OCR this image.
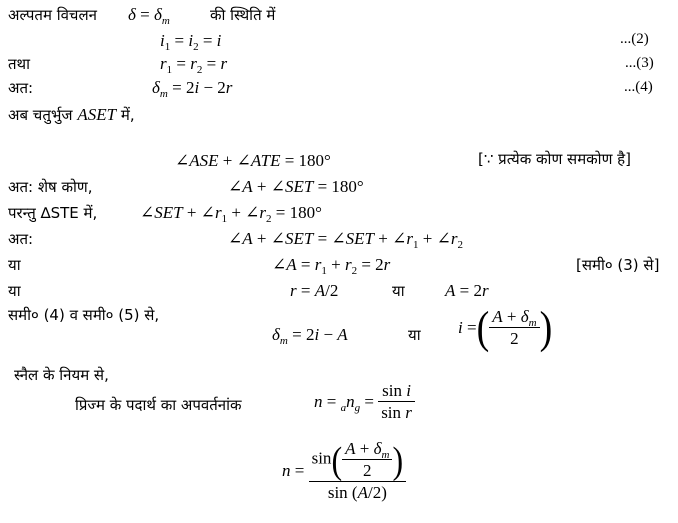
अल्पतम विचलन $\delta = \delta_m$	की स्थिति में
$i_1 = i_2 = i$	...(2)
तथा	$r_1 = r_2 = r$	...(3)
अत:	$\delta_m = 2i - 2r$	...(4)
अब चतुर्भुज ASET में,
∠ASE + ∠ATE = 180°	[∵ प्रत्येक कोण समकोण है]
अत: शेष कोण,	∠A + ∠SET = 180°
परन्तु ∆STE में,	∠SET + $\angle r_1$ + $\angle r_2 = 180^\circ$
अत:	∠A + ∠SET = ∠SET + $\angle r_1$ + $\angle r_2$
या	∠A = $r_1 + r_2 = 2r$	[समी० (3) से]
या	r = A/2	या A = 2r
समी० (4) व समी० (5) से,
$\delta_m = 2i - A$	या i =( $\frac{A + \delta_m}{2}$ )
स्नैल के नियम से,
प्रिज्म के पदार्थ का अपवर्तनांक	$n = _an_g = \frac{\text{sin i}}{\text{sin r}}$
$n = \frac{\sin( \frac{A + \delta_m}{2} )}{\sin (A/2)}$
